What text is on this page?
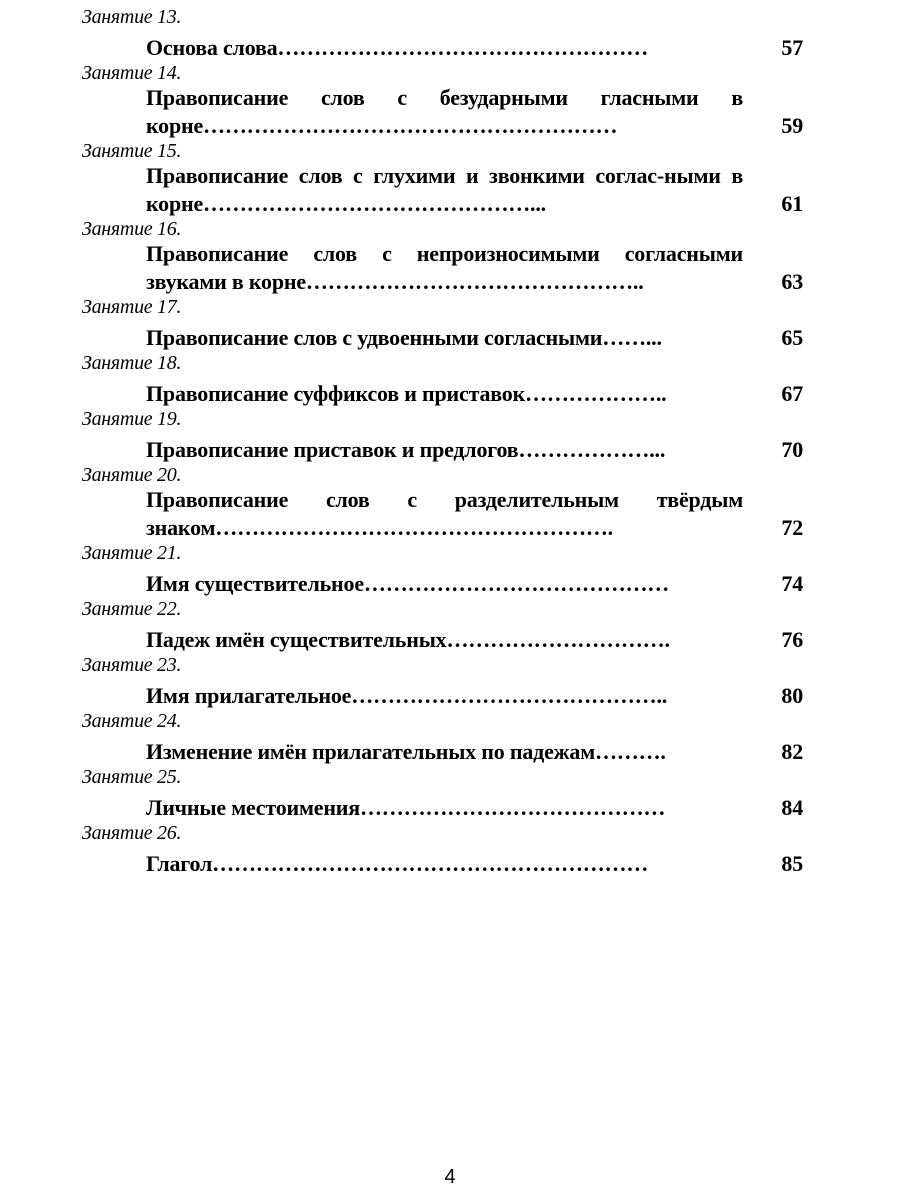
Занятие 13.
Основа слова……………………………………………	57
Занятие 14.
Правописание слов с безударными гласными в корне…………………………………………………	59
Занятие 15.
Правописание слов с глухими и звонкими соглас-ными в корне………………………………………...	61
Занятие 16.
Правописание слов с непроизносимыми согласными звуками в корне………………………………………..	63
Занятие 17.
Правописание слов с удвоенными согласными……...	65
Занятие 18.
Правописание суффиксов и приставок………………..	67
Занятие 19.
Правописание приставок и предлогов………………...	70
Занятие 20.
Правописание слов с разделительным твёрдым знаком……………………………………………….	72
Занятие 21.
Имя существительное……………………………………	74
Занятие 22.
Падеж имён существительных………………………….	76
Занятие 23.
Имя прилагательное……………………………………..	80
Занятие 24.
Изменение имён прилагательных по падежам……….	82
Занятие 25.
Личные местоимения……………………………………	84
Занятие 26.
Глагол……………………………………………………	85
4
